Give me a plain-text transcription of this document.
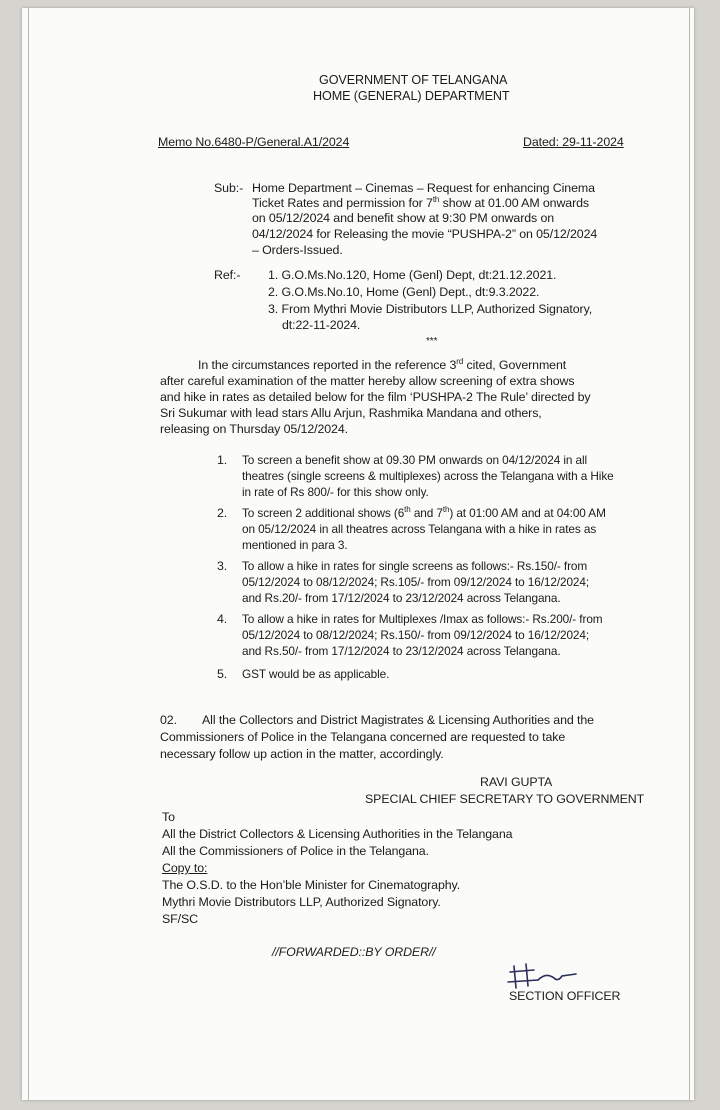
GOVERNMENT OF TELANGANA
HOME (GENERAL) DEPARTMENT
Memo No.6480-P/General.A1/2024	Dated: 29-11-2024
Sub:- Home Department – Cinemas – Request for enhancing Cinema
Ticket Rates and permission for 7th show at 01.00 AM onwards
on 05/12/2024 and benefit show at 9:30 PM onwards on
04/12/2024 for Releasing the movie “PUSHPA-2” on 05/12/2024
– Orders-Issued.
Ref:- 1. G.O.Ms.No.120, Home (Genl) Dept, dt:21.12.2021.
2. G.O.Ms.No.10, Home (Genl) Dept., dt:9.3.2022.
3. From Mythri Movie Distributors LLP, Authorized Signatory,
dt:22-11-2024.
***
In the circumstances reported in the reference 3rd cited, Government
after careful examination of the matter hereby allow screening of extra shows
and hike in rates as detailed below for the film ‘PUSHPA-2 The Rule’ directed by
Sri Sukumar with lead stars Allu Arjun, Rashmika Mandana and others,
releasing on Thursday 05/12/2024.
1. To screen a benefit show at 09.30 PM onwards on 04/12/2024 in all
theatres (single screens & multiplexes) across the Telangana with a Hike
in rate of Rs 800/- for this show only.
2. To screen 2 additional shows (6th and 7th) at 01:00 AM and at 04:00 AM
on 05/12/2024 in all theatres across Telangana with a hike in rates as
mentioned in para 3.
3. To allow a hike in rates for single screens as follows:- Rs.150/- from
05/12/2024 to 08/12/2024; Rs.105/- from 09/12/2024 to 16/12/2024;
and Rs.20/- from 17/12/2024 to 23/12/2024 across Telangana.
4. To allow a hike in rates for Multiplexes /Imax as follows:- Rs.200/- from
05/12/2024 to 08/12/2024; Rs.150/- from 09/12/2024 to 16/12/2024;
and Rs.50/- from 17/12/2024 to 23/12/2024 across Telangana.
5. GST would be as applicable.
02. All the Collectors and District Magistrates & Licensing Authorities and the
Commissioners of Police in the Telangana concerned are requested to take
necessary follow up action in the matter, accordingly.
RAVI GUPTA
SPECIAL CHIEF SECRETARY TO GOVERNMENT
To
All the District Collectors & Licensing Authorities in the Telangana
All the Commissioners of Police in the Telangana.
Copy to:
The O.S.D. to the Hon’ble Minister for Cinematography.
Mythri Movie Distributors LLP, Authorized Signatory.
SF/SC
//FORWARDED::BY ORDER//
SECTION OFFICER
